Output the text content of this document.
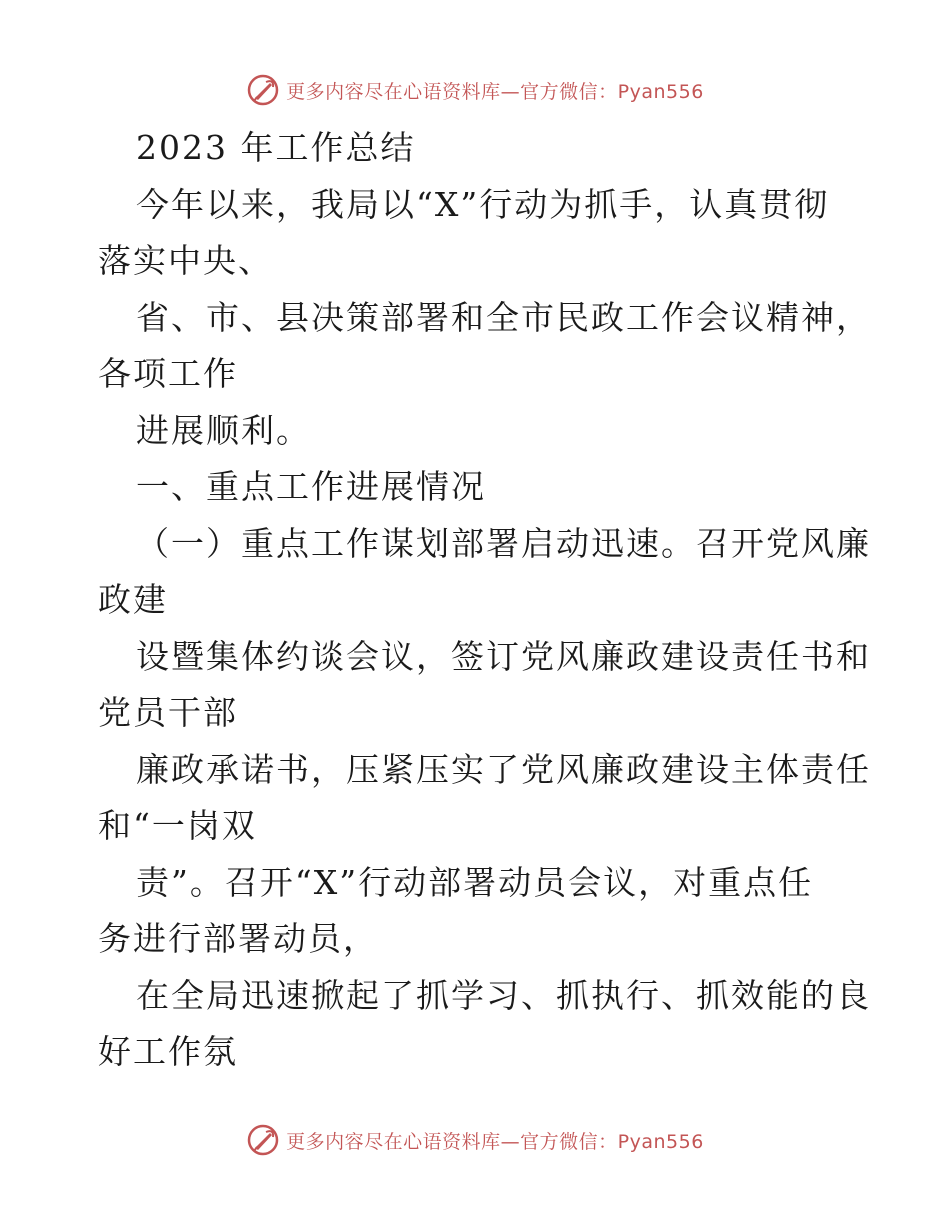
更多内容尽在心语资料库—官方微信：Pyan556
2023 年工作总结
今年以来，我局以“X”行动为抓手，认真贯彻
落实中央、
省、市、县决策部署和全市民政工作会议精神，
各项工作
进展顺利。
一、重点工作进展情况
（一）重点工作谋划部署启动迅速。召开党风廉
政建
设暨集体约谈会议，签订党风廉政建设责任书和
党员干部
廉政承诺书，压紧压实了党风廉政建设主体责任
和“一岗双
责”。召开“X”行动部署动员会议，对重点任
务进行部署动员，
在全局迅速掀起了抓学习、抓执行、抓效能的良
好工作氛
更多内容尽在心语资料库—官方微信：Pyan556
